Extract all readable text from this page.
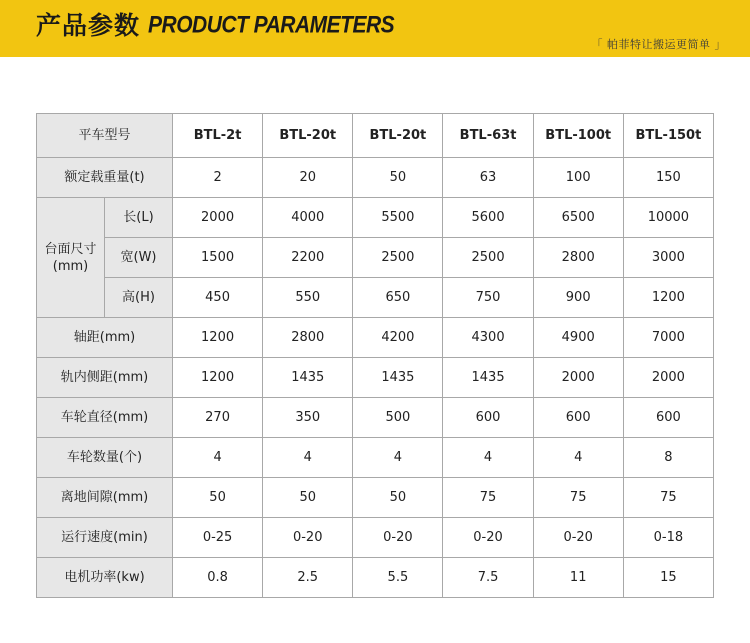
产品参数 PRODUCT PARAMETERS
「 帕菲特让搬运更简单 」
平车型号		BTL-2t	BTL-20t	BTL-20t	BTL-63t	BTL-100t	BTL-150t
额定载重量(t)		2	20	50	63	100	150

台面尺寸
(mm)	长(L)	2000	4000	5500	5600	6500	10000
	宽(W)	1500	2200	2500	2500	2800	3000
	高(H)	450	550	650	750	900	1200
轴距(mm)		1200	2800	4200	4300	4900	7000
轨内侧距(mm)		1200	1435	1435	1435	2000	2000
车轮直径(mm)		270	350	500	600	600	600
车轮数量(个)		4	4	4	4	4	8
离地间隙(mm)		50	50	50	75	75	75
运行速度(min)		0-25	0-20	0-20	0-20	0-20	0-18
电机功率(kw)		0.8	2.5	5.5	7.5	11	15
